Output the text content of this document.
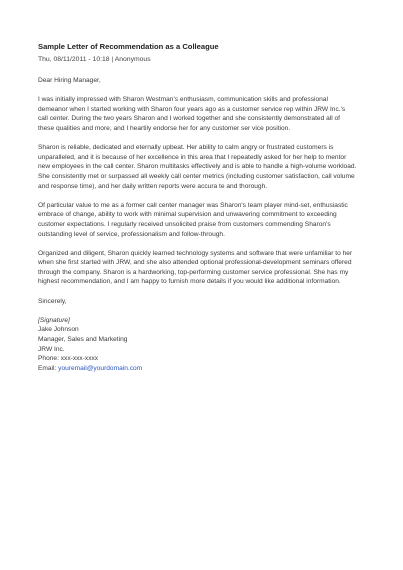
Sample Letter of Recommendation as a Colleague
Thu, 08/11/2011 - 10:18 | Anonymous
Dear Hiring Manager,
I was initially impressed with Sharon Westman's enthusiasm, communication skills and professional
demeanor when I started working with Sharon four years ago as a customer service rep within JRW Inc.'s
call center. During the two years Sharon and I worked together and she consistently demonstrated all of
these qualities and more, and I heartily endorse her for any customer ser vice position.
Sharon is reliable, dedicated and eternally upbeat. Her ability to calm angry or frustrated customers is
unparalleled, and it is because of her excellence in this area that I repeatedly asked for her help to mentor
new employees in the call center. Sharon multitasks effectively and is able to handle a high-volume workload.
She consistently met or surpassed all weekly call center metrics (including customer satisfaction, call volume
and response time), and her daily written reports were accura te and thorough.
Of particular value to me as a former call center manager was Sharon's team player mind-set, enthusiastic
embrace of change, ability to work with minimal supervision and unwavering commitment to exceeding
customer expectations. I regularly received unsolicited praise from customers commending Sharon's
outstanding level of service, professionalism and follow-through.
Organized and diligent, Sharon quickly learned technology systems and software that were unfamiliar to her
when she first started with JRW, and she also attended optional professional-development seminars offered
through the company. Sharon is a hardworking, top-performing customer service professional. She has my
highest recommendation, and I am happy to furnish more details if you would like additional information.
Sincerely,
[Signature]
Jake Johnson
Manager, Sales and Marketing
JRW Inc.
Phone: xxx-xxx-xxxx
Email: youremail@yourdomain.com
